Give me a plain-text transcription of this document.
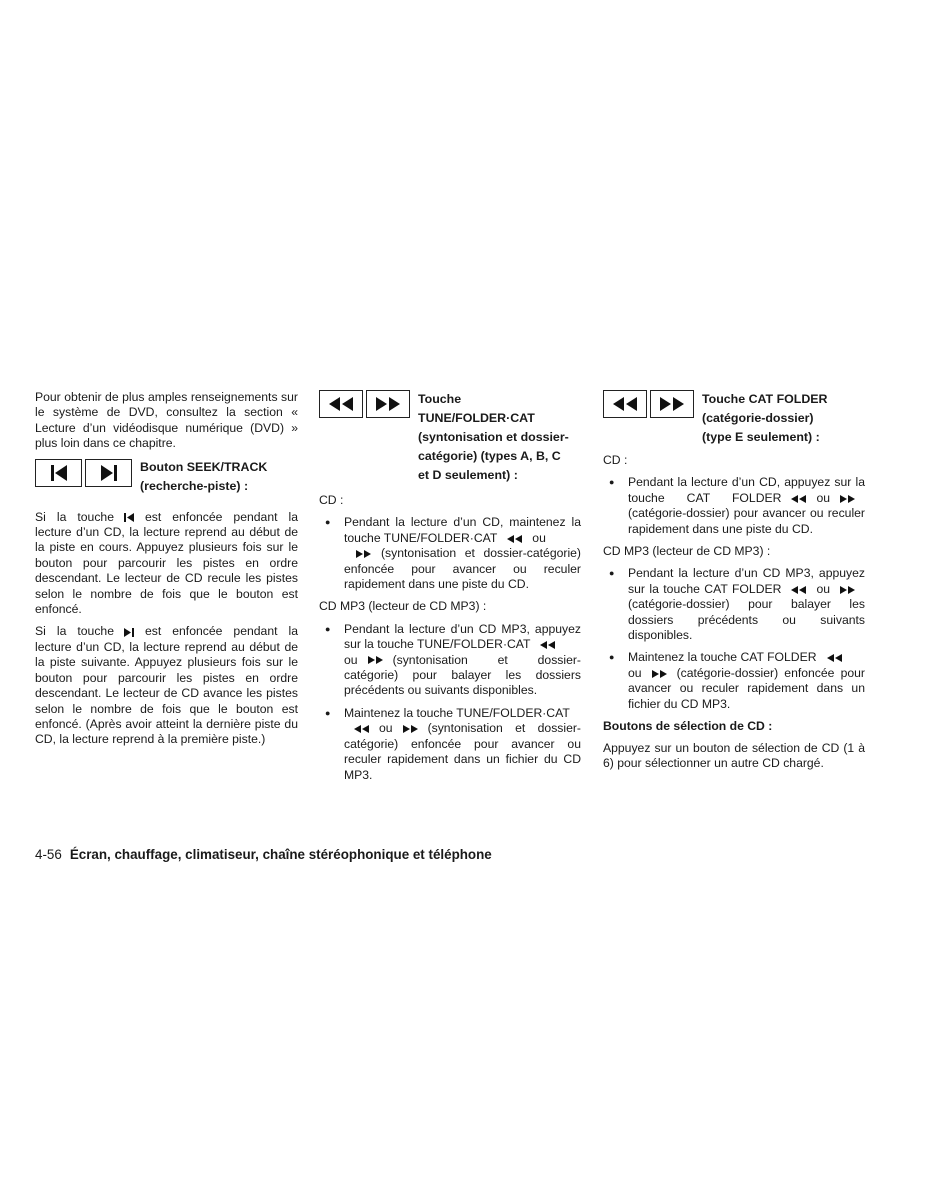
Pour obtenir de plus amples renseignements sur le système de DVD, consultez la section « Lecture d’un vidéodisque numérique (DVD) » plus loin dans ce chapitre.

Bouton SEEK/TRACK
(recherche-piste) :

Si la touche	est enfoncée pendant la lecture d’un CD, la lecture reprend au début de la piste en cours. Appuyez plusieurs fois sur le bouton pour parcourir les pistes en ordre descendant. Le lecteur de CD recule les pistes selon le nombre de fois que le bouton est enfoncé.

Si la touche	est enfoncée pendant la lecture d’un CD, la lecture reprend au début de la piste suivante. Appuyez plusieurs fois sur le bouton pour parcourir les pistes en ordre descendant. Le lecteur de CD avance les pistes selon le nombre de fois que le bouton est enfoncé. (Après avoir atteint la dernière piste du CD, la lecture reprend à la première piste.)

Touche
TUNE/FOLDER·CAT
(syntonisation et dossier-
catégorie) (types A, B, C
et D seulement) :
CD :
● Pendant la lecture d’un CD, maintenez la touche TUNE/FOLDER·CAT	ou
(syntonisation et dossier-catégorie) enfoncée pour avancer ou reculer rapidement dans une piste du CD.
CD MP3 (lecteur de CD MP3) :
● Pendant la lecture d’un CD MP3, appuyez sur la touche TUNE/FOLDER·CAT
ou	(syntonisation et dossier-catégorie) pour balayer les dossiers précédents ou suivants disponibles.
● Maintenez la touche TUNE/FOLDER·CAT
ou	(syntonisation et dossier-catégorie) enfoncée pour avancer ou reculer rapidement dans un fichier du CD MP3.
Touche CAT FOLDER
(catégorie-dossier)
(type E seulement) :
CD :
● Pendant la lecture d’un CD, appuyez sur la touche CAT FOLDER	ou(catégorie-dossier) pour avancer ou reculer rapidement dans une piste du CD.
CD MP3 (lecteur de CD MP3) :
● Pendant la lecture d’un CD MP3, appuyez sur la touche CAT FOLDER	ou(catégorie-dossier) pour balayer les dossiers précédents ou suivants disponibles.
● Maintenez la touche CAT FOLDER
ou	(catégorie-dossier) enfoncée pour avancer ou reculer rapidement dans un fichier du CD MP3.
Boutons de sélection de CD :

Appuyez sur un bouton de sélection de CD (1 à 6) pour sélectionner un autre CD chargé.

4-56 Écran, chauffage, climatiseur, chaîne stéréophonique et téléphone
